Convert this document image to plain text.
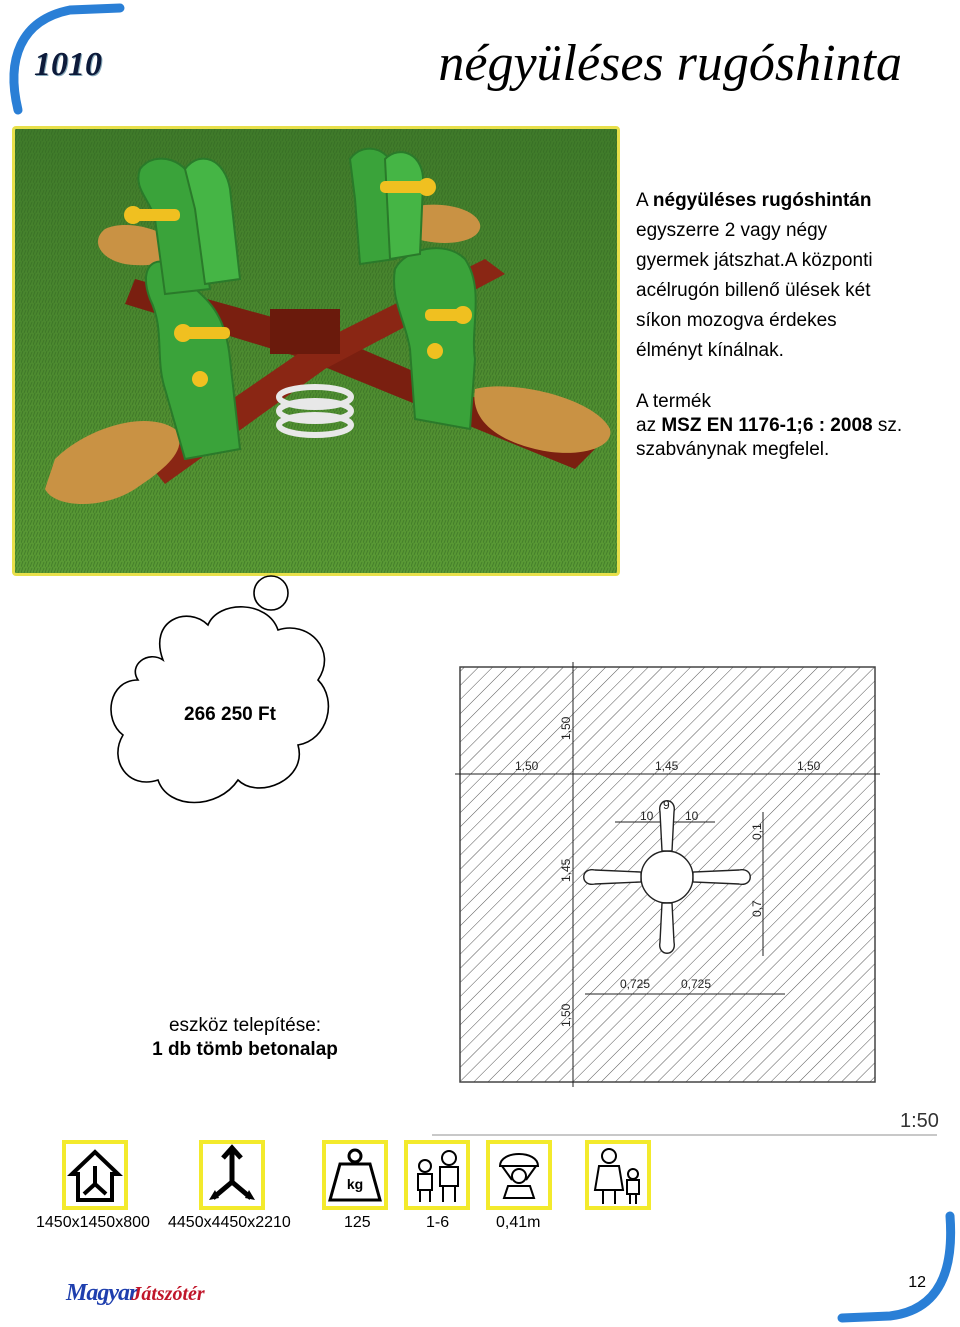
1010	négyüléses rugóshinta
A négyüléses rugóshintán
egyszerre 2 vagy négy
gyermek játszhat.A központi
acélrugón billenő ülések két
síkon mozogva érdekes
élményt kínálnak.
A termék
az MSZ EN 1176-1;6 : 2008 sz.
szabványnak megfelel.
266 250 Ft
eszköz telepítése:
1 db tömb betonalap
1,50	1,45	1,50
1,50
1,45
1,50
10
9
10
0,725	0,725
0,1
0,7
1:50
kg
1450x1450x800 4450x4450x2210	125	1-6	0,41m
12
MagyarJátszótér
